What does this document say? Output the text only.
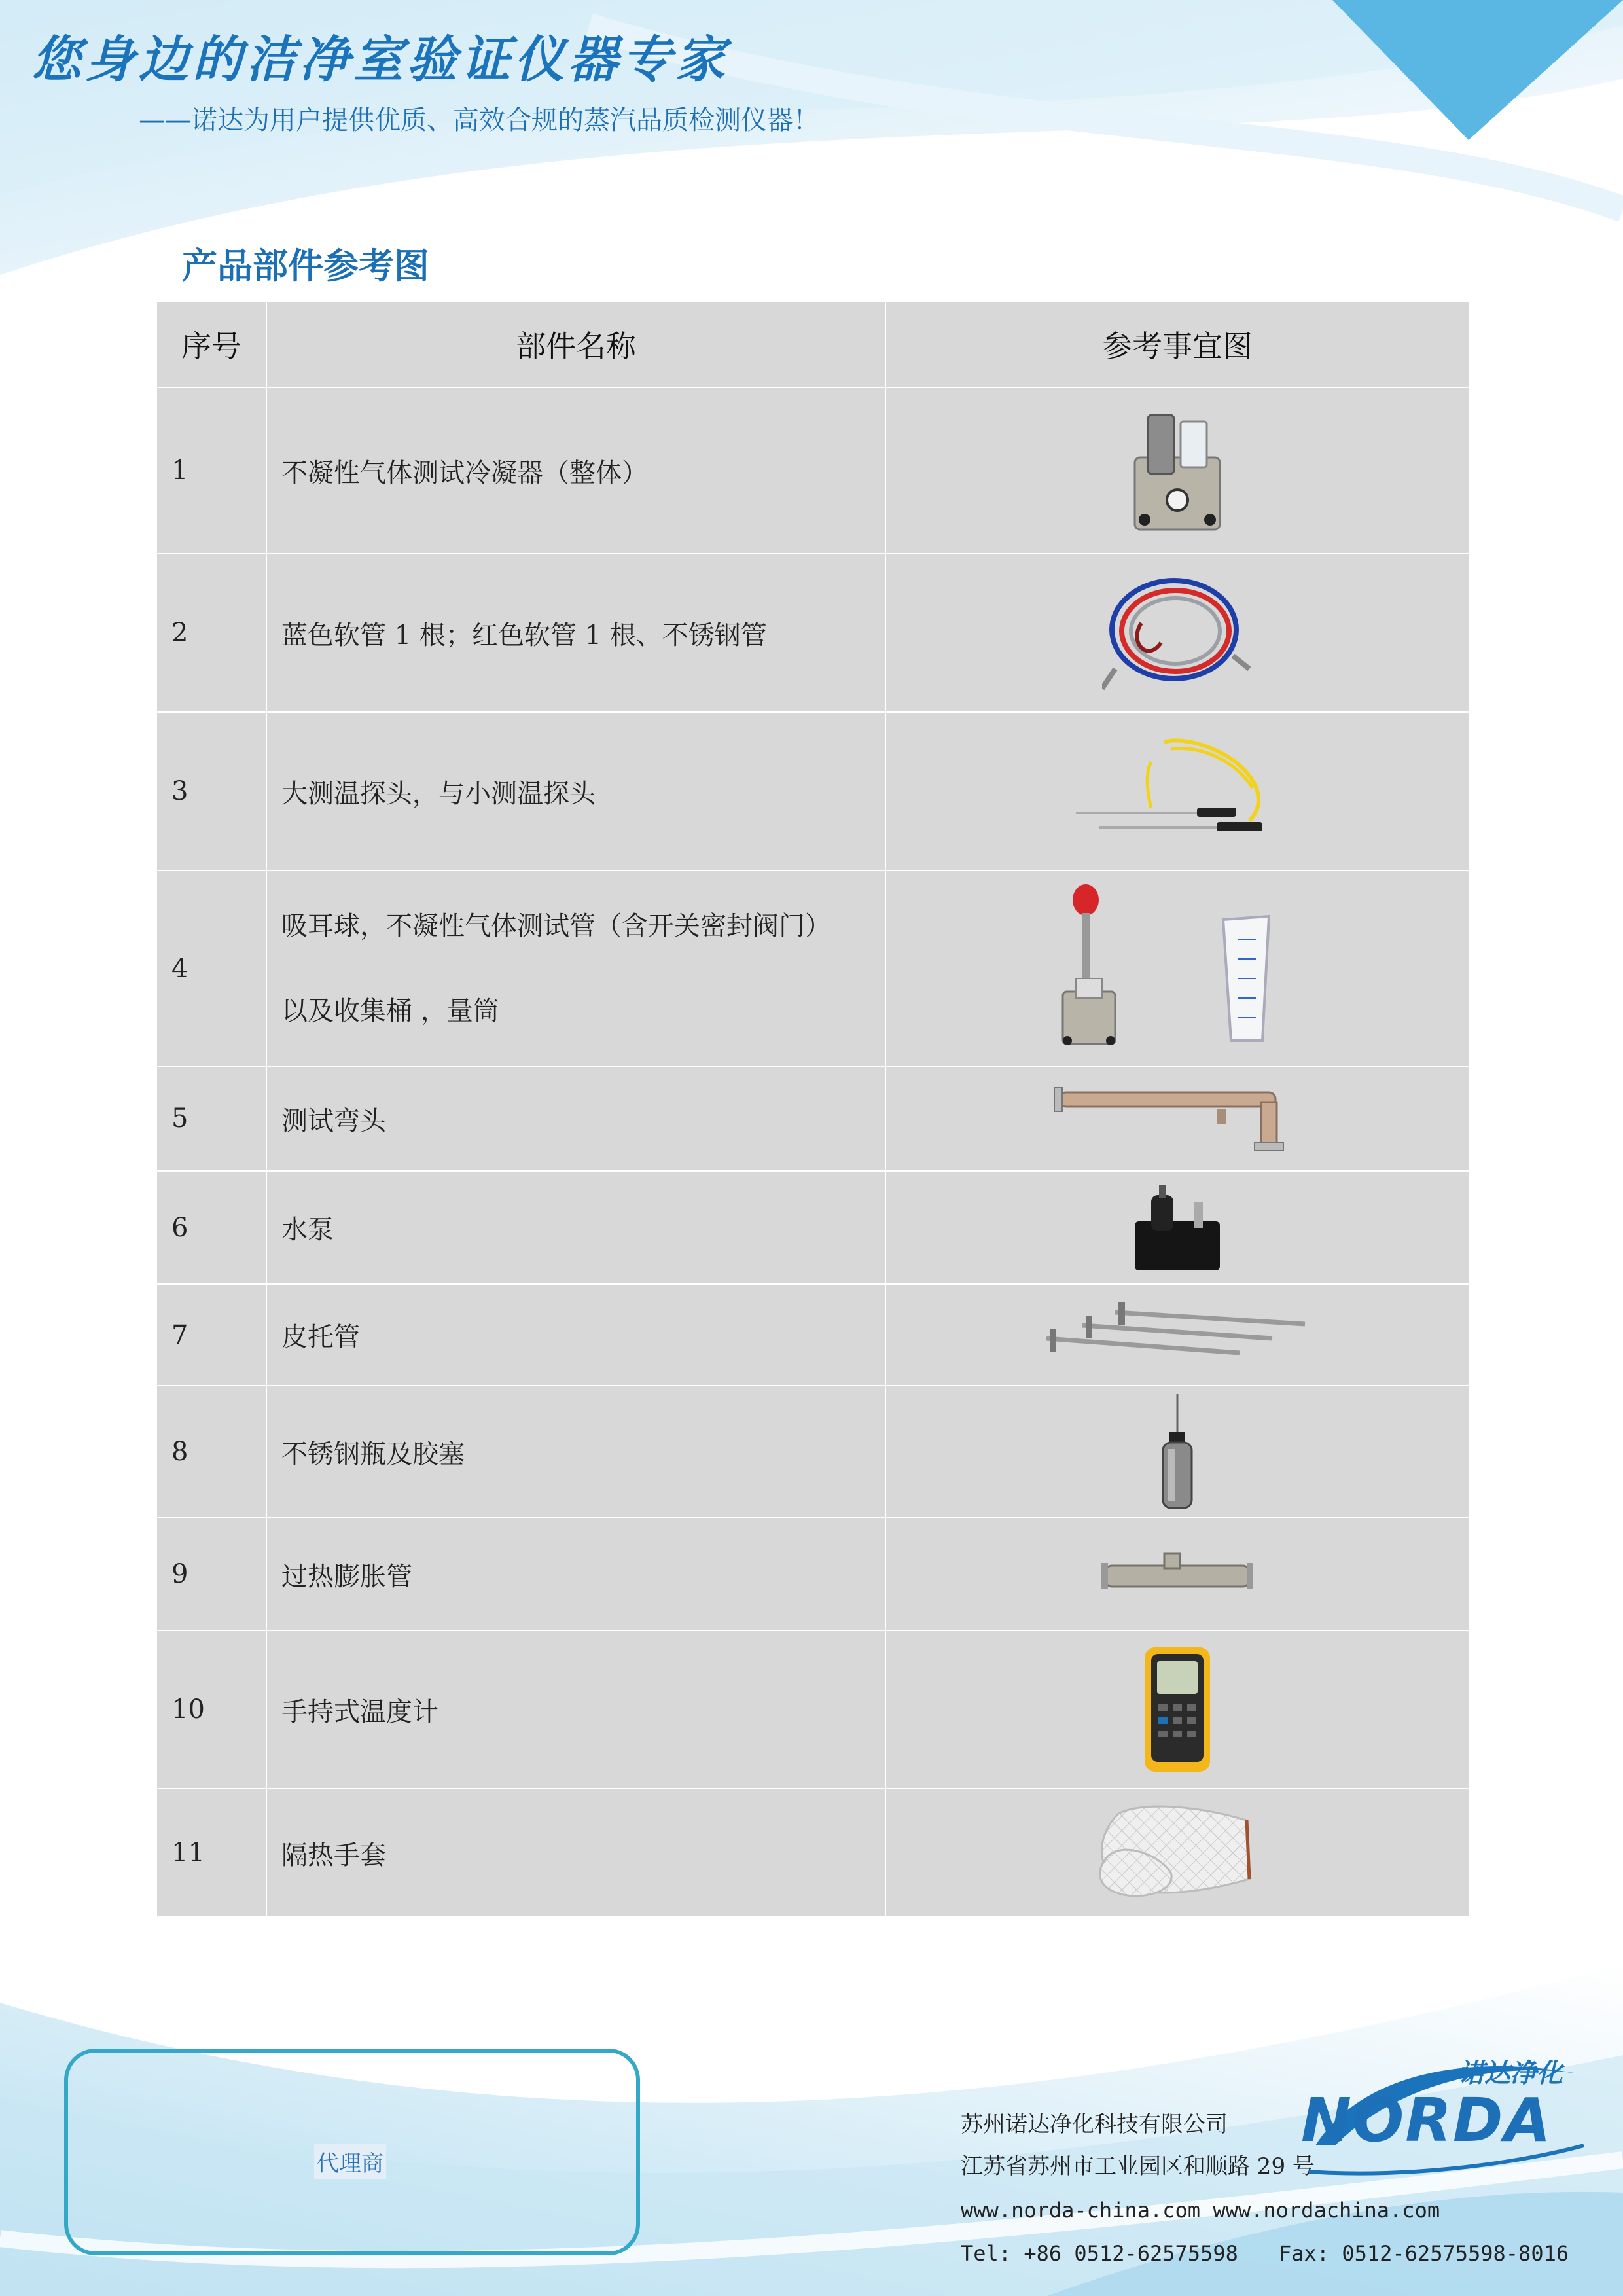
您身边的洁净室验证仪器专家
——诺达为用户提供优质、高效合规的蒸汽品质检测仪器！
产品部件参考图
序号	部件名称	参考事宜图
1	不凝性气体测试冷凝器（整体）	
2	蓝色软管 1 根；红色软管 1 根、不锈钢管	
3	大测温探头，与小测温探头	
4	吸耳球，不凝性气体测试管（含开关密封阀门）
以及收集桶 ，量筒

5	测试弯头	
6	水泵	
7	皮托管	
8	不锈钢瓶及胶塞	
9	过热膨胀管	
10	手持式温度计	
11	隔热手套	
代理商
苏州诺达净化科技有限公司
江苏省苏州市工业园区和顺路 29 号
www.norda-china.com www.nordachina.com
Tel: +86 0512-62575598 Fax: 0512-62575598-8016
诺达净化
NORDA
